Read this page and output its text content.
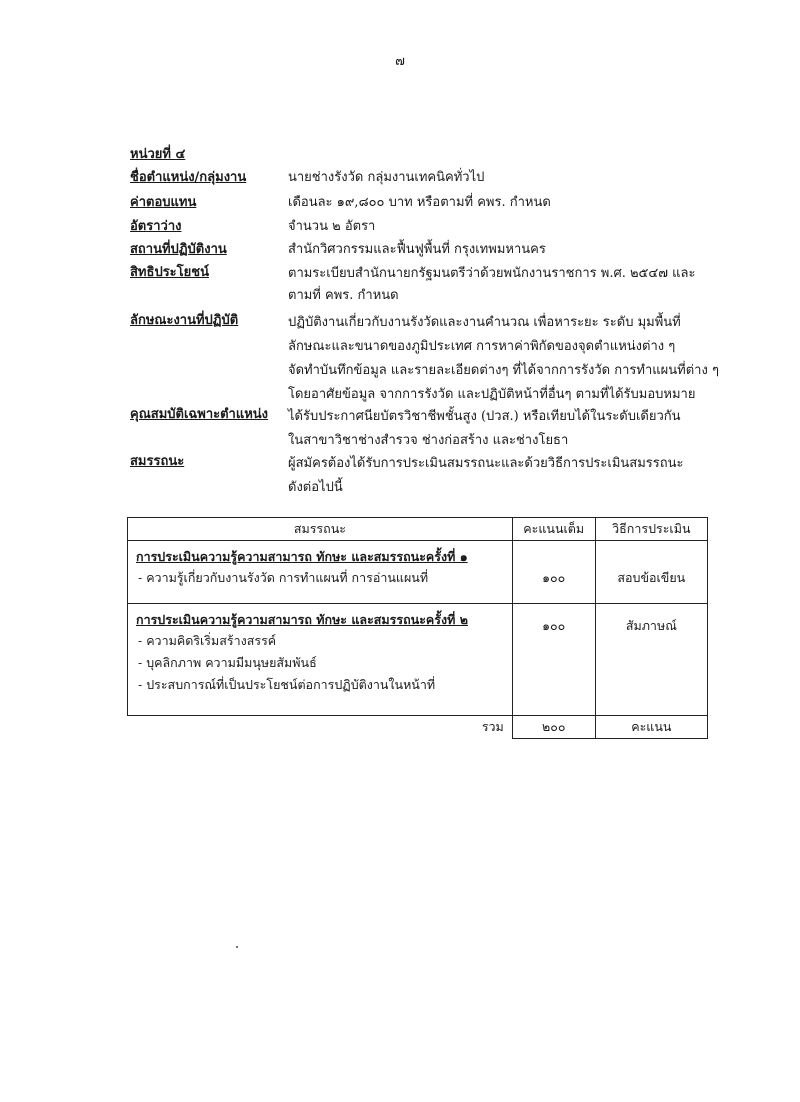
๗
หน่วยที่ ๔
ชื่อตำแหน่ง/กลุ่มงาน	นายช่างรังวัด กลุ่มงานเทคนิคทั่วไป
ค่าตอบแทน	เดือนละ ๑๙,๘๐๐ บาท หรือตามที่ คพร. กำหนด
อัตราว่าง	จำนวน ๒ อัตรา
สถานที่ปฏิบัติงาน	สำนักวิศวกรรมและฟื้นฟูพื้นที่ กรุงเทพมหานคร
สิทธิประโยชน์	ตามระเบียบสำนักนายกรัฐมนตรีว่าด้วยพนักงานราชการ พ.ศ. ๒๕๔๗ และ
ตามที่ คพร. กำหนด
ลักษณะงานที่ปฏิบัติ	ปฏิบัติงานเกี่ยวกับงานรังวัดและงานคำนวณ เพื่อหาระยะ ระดับ มุมพื้นที่
ลักษณะและขนาดของภูมิประเทศ การหาค่าพิกัดของจุดตำแหน่งต่าง ๆ
จัดทำบันทึกข้อมูล และรายละเอียดต่างๆ ที่ได้จากการรังวัด การทำแผนที่ต่าง ๆ
โดยอาศัยข้อมูล จากการรังวัด และปฏิบัติหน้าที่อื่นๆ ตามที่ได้รับมอบหมาย
คุณสมบัติเฉพาะตำแหน่ง ได้รับประกาศนียบัตรวิชาชีพชั้นสูง (ปวส.) หรือเทียบได้ในระดับเดียวกัน
ในสาขาวิชาช่างสำรวจ ช่างก่อสร้าง และช่างโยธา
สมรรถนะ	ผู้สมัครต้องได้รับการประเมินสมรรถนะและด้วยวิธีการประเมินสมรรถนะ
ดังต่อไปนี้
สมรรถนะ	คะแนนเต็ม	วิธีการประเมิน

การประเมินความรู้ความสามารถ ทักษะ และสมรรถนะครั้งที่ ๑
- ความรู้เกี่ยวกับงานรังวัด การทำแผนที่ การอ่านแผนที่	๑๐๐	สอบข้อเขียน

การประเมินความรู้ความสามารถ ทักษะ และสมรรถนะครั้งที่ ๒
- ความคิดริเริ่มสร้างสรรค์
- บุคลิกภาพ ความมีมนุษยสัมพันธ์
- ประสบการณ์ที่เป็นประโยชน์ต่อการปฏิบัติงานในหน้าที่	๑๐๐	สัมภาษณ์
รวม	๒๐๐	คะแนน
